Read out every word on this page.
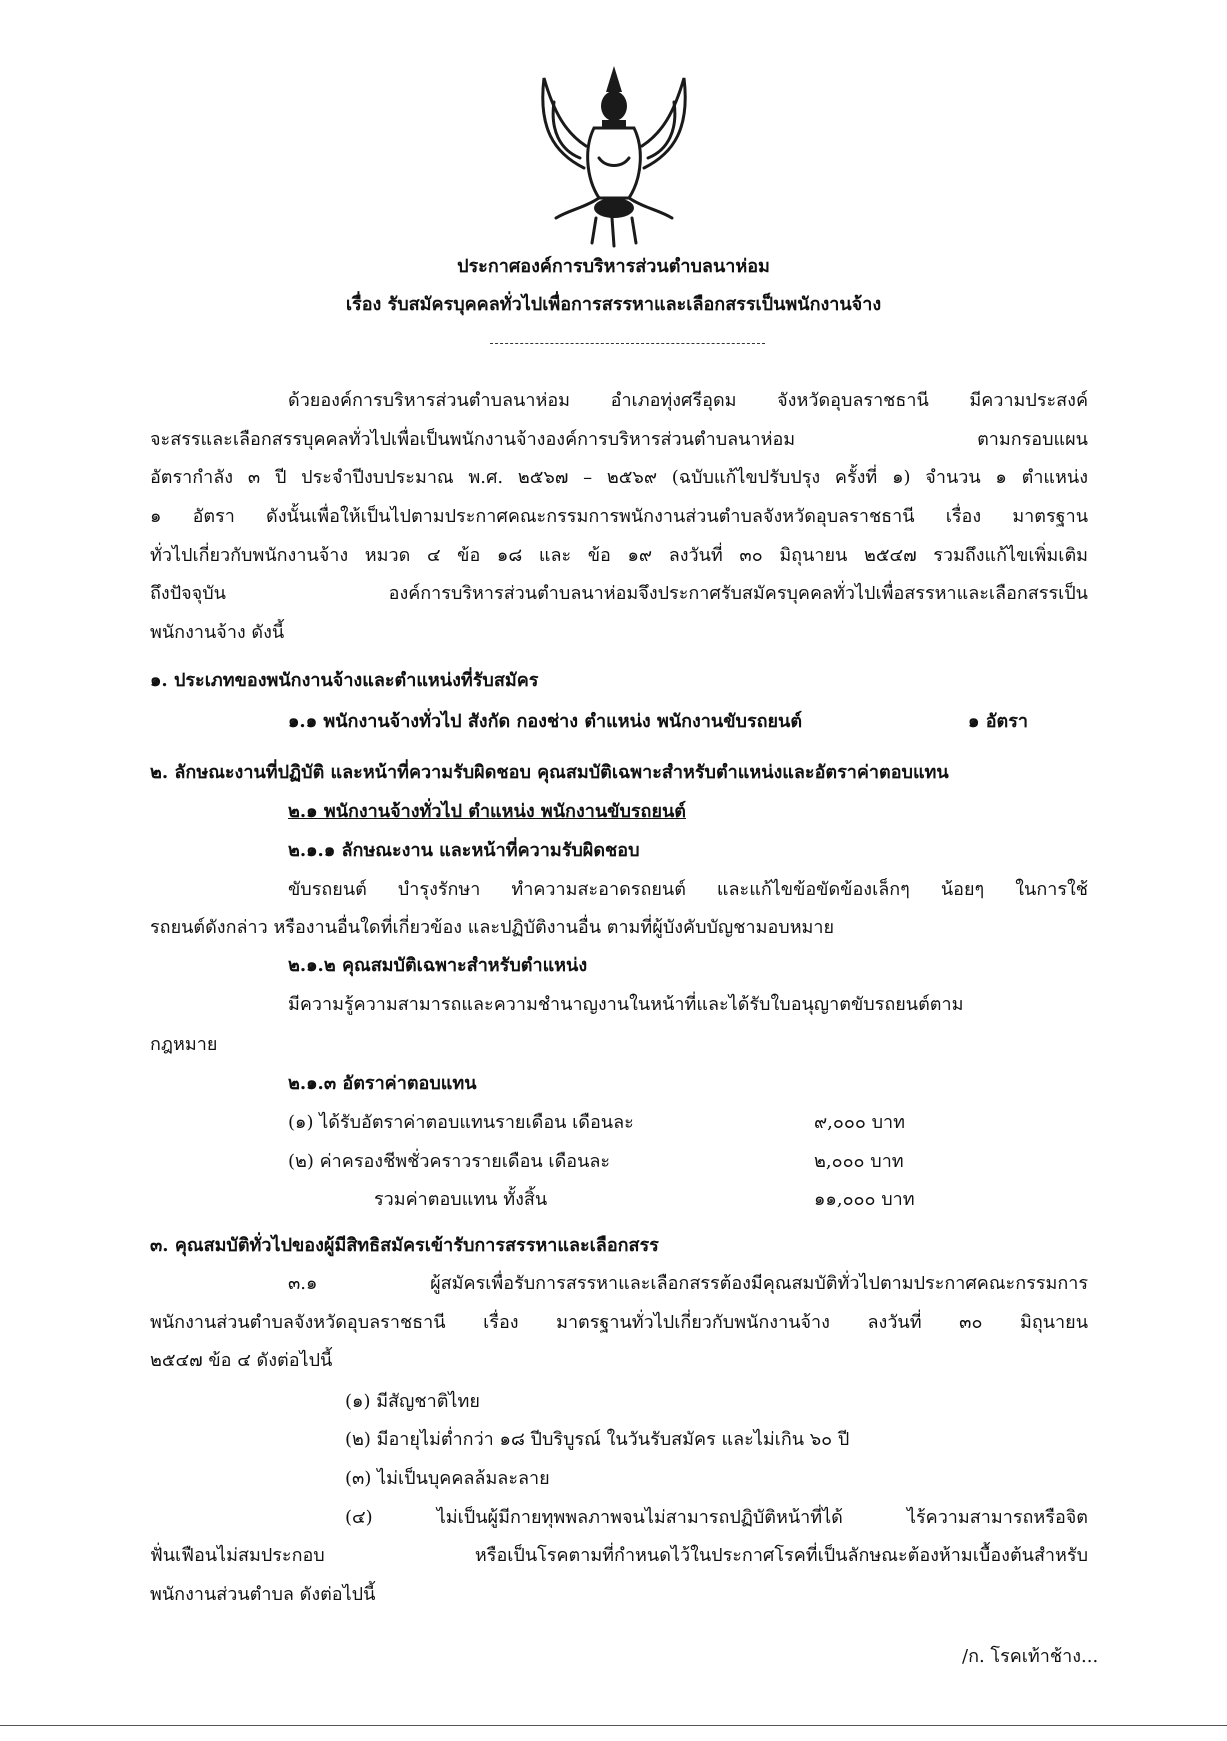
ประกาศองค์การบริหารส่วนตำบลนาห่อม
เรื่อง รับสมัครบุคคลทั่วไปเพื่อการสรรหาและเลือกสรรเป็นพนักงานจ้าง
ด้วยองค์การบริหารส่วนตำบลนาห่อม อำเภอทุ่งศรีอุดม จังหวัดอุบลราชธานี มีความประสงค์
จะสรรและเลือกสรรบุคคลทั่วไปเพื่อเป็นพนักงานจ้างองค์การบริหารส่วนตำบลนาห่อม ตามกรอบแผน
อัตรากำลัง ๓ ปี ประจำปีงบประมาณ พ.ศ. ๒๕๖๗ – ๒๕๖๙ (ฉบับแก้ไขปรับปรุง ครั้งที่ ๑) จำนวน ๑ ตำแหน่ง
๑ อัตรา ดังนั้นเพื่อให้เป็นไปตามประกาศคณะกรรมการพนักงานส่วนตำบลจังหวัดอุบลราชธานี เรื่อง มาตรฐาน
ทั่วไปเกี่ยวกับพนักงานจ้าง หมวด ๔ ข้อ ๑๘ และ ข้อ ๑๙ ลงวันที่ ๓๐ มิถุนายน ๒๕๔๗ รวมถึงแก้ไขเพิ่มเติม
ถึงปัจจุบัน องค์การบริหารส่วนตำบลนาห่อมจึงประกาศรับสมัครบุคคลทั่วไปเพื่อสรรหาและเลือกสรรเป็น
พนักงานจ้าง ดังนี้
๑. ประเภทของพนักงานจ้างและตำแหน่งที่รับสมัคร
๑.๑ พนักงานจ้างทั่วไป สังกัด กองช่าง ตำแหน่ง พนักงานขับรถยนต์	๑ อัตรา
๒. ลักษณะงานที่ปฏิบัติ และหน้าที่ความรับผิดชอบ คุณสมบัติเฉพาะสำหรับตำแหน่งและอัตราค่าตอบแทน
๒.๑ พนักงานจ้างทั่วไป ตำแหน่ง พนักงานขับรถยนต์
๒.๑.๑ ลักษณะงาน และหน้าที่ความรับผิดชอบ
ขับรถยนต์ บำรุงรักษา ทำความสะอาดรถยนต์ และแก้ไขข้อขัดข้องเล็กๆ น้อยๆ ในการใช้
รถยนต์ดังกล่าว หรืองานอื่นใดที่เกี่ยวข้อง และปฏิบัติงานอื่น ตามที่ผู้บังคับบัญชามอบหมาย
๒.๑.๒ คุณสมบัติเฉพาะสำหรับตำแหน่ง
มีความรู้ความสามารถและความชำนาญงานในหน้าที่และได้รับใบอนุญาตขับรถยนต์ตาม
กฎหมาย
๒.๑.๓ อัตราค่าตอบแทน
(๑) ได้รับอัตราค่าตอบแทนรายเดือน เดือนละ	๙,๐๐๐ บาท
(๒) ค่าครองชีพชั่วคราวรายเดือน เดือนละ	๒,๐๐๐ บาท
รวมค่าตอบแทน ทั้งสิ้น	๑๑,๐๐๐ บาท
๓. คุณสมบัติทั่วไปของผู้มีสิทธิสมัครเข้ารับการสรรหาและเลือกสรร
๓.๑ ผู้สมัครเพื่อรับการสรรหาและเลือกสรรต้องมีคุณสมบัติทั่วไปตามประกาศคณะกรรมการ
พนักงานส่วนตำบลจังหวัดอุบลราชธานี เรื่อง มาตรฐานทั่วไปเกี่ยวกับพนักงานจ้าง ลงวันที่ ๓๐ มิถุนายน
๒๕๔๗ ข้อ ๔ ดังต่อไปนี้
(๑) มีสัญชาติไทย
(๒) มีอายุไม่ต่ำกว่า ๑๘ ปีบริบูรณ์ ในวันรับสมัคร และไม่เกิน ๖๐ ปี
(๓) ไม่เป็นบุคคลล้มละลาย
(๔) ไม่เป็นผู้มีกายทุพพลภาพจนไม่สามารถปฏิบัติหน้าที่ได้ ไร้ความสามารถหรือจิต
ฟั่นเฟือนไม่สมประกอบ หรือเป็นโรคตามที่กำหนดไว้ในประกาศโรคที่เป็นลักษณะต้องห้ามเบื้องต้นสำหรับ
พนักงานส่วนตำบล ดังต่อไปนี้
/ก. โรคเท้าช้าง...
